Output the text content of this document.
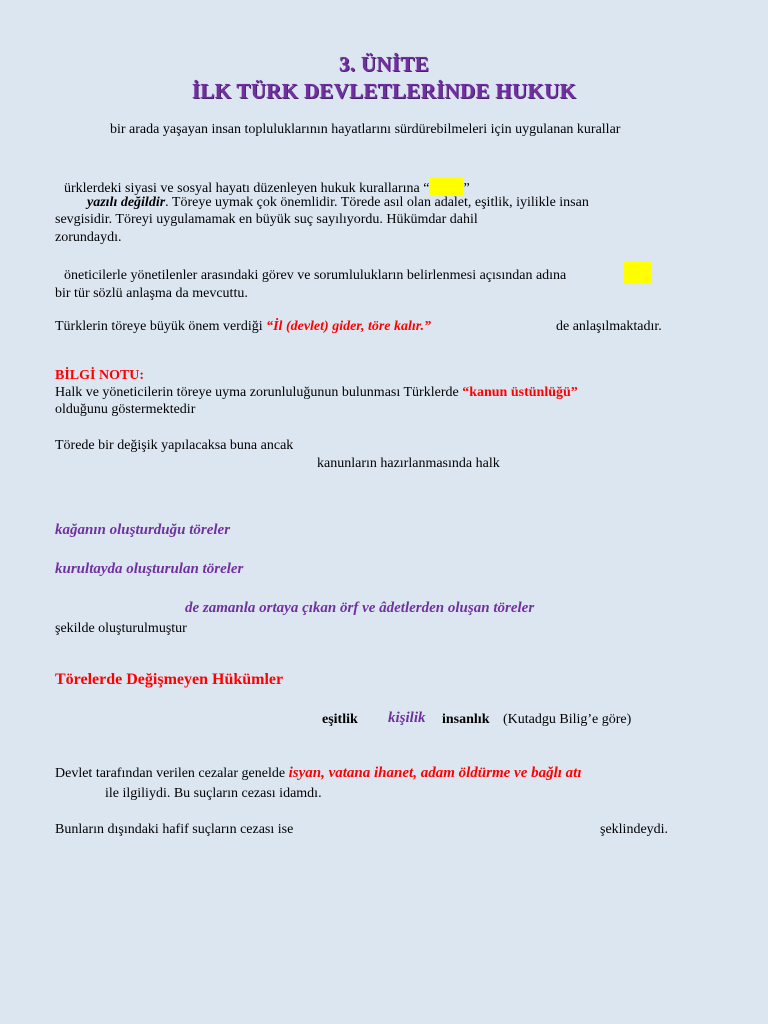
3. ÜNİTE
İLK TÜRK DEVLETLERİNDE HUKUK
bir arada yaşayan insan topluluklarının hayatlarını sürdürebilmeleri için uygulanan kurallar
ürklerdeki siyasi ve sosyal hayatı düzenleyen hukuk kurallarına “ ”
yazılı değildir. Töreye uymak çok önemlidir. Törede asıl olan adalet, eşitlik, iyilikle insan
sevgisidir. Töreyi uygulamamak en büyük suç sayılıyordu. Hükümdar dahil
zorundaydı.
öneticilerle yönetilenler arasındaki görev ve sorumlulukların belirlenmesi açısından adına
bir tür sözlü anlaşma da mevcuttu.
Türklerin töreye büyük önem verdiği “İl (devlet) gider, töre kalır.”	de anlaşılmaktadır.
BİLGİ NOTU:
Halk ve yöneticilerin töreye uyma zorunluluğunun bulunması Türklerde “kanun üstünlüğü”
olduğunu göstermektedir
Törede bir değişik yapılacaksa buna ancak
kanunların hazırlanmasında halk
kağanın oluşturduğu töreler
kurultayda oluşturulan töreler
de zamanla ortaya çıkan örf ve âdetlerden oluşan töreler
şekilde oluşturulmuştur
Törelerde Değişmeyen Hükümler
eşitlik kişilik insanlık (Kutadgu Bilig’e göre)
Devlet tarafından verilen cezalar genelde isyan, vatana ihanet, adam öldürme ve bağlı atı
ile ilgiliydi. Bu suçların cezası idamdı.
Bunların dışındaki hafif suçların cezası ise	şeklindeydi.
